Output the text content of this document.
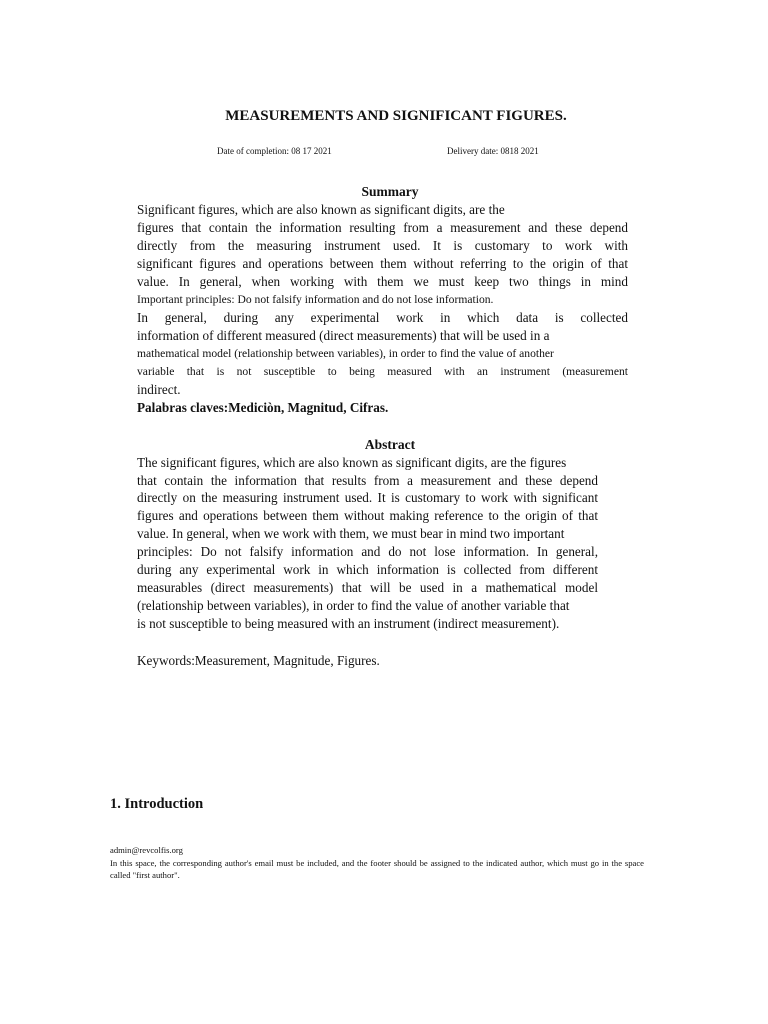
MEASUREMENTS AND SIGNIFICANT FIGURES.
Date of completion: 08 17 2021	Delivery date: 0818 2021
Summary
Significant figures, which are also known as significant digits, are the
figures that contain the information resulting from a measurement and these depend
directly from the measuring instrument used. It is customary to work with
significant figures and operations between them without referring to the origin of that
value. In general, when working with them we must keep two things in mind
Important principles: Do not falsify information and do not lose information.
In general, during any experimental work in which data is collected
information of different measured (direct measurements) that will be used in a
mathematical model (relationship between variables), in order to find the value of another
variable that is not susceptible to being measured with an instrument (measurement
indirect.
Palabras claves:Mediciòn, Magnitud, Cifras.
Abstract
The significant figures, which are also known as significant digits, are the figures
that contain the information that results from a measurement and these depend
directly on the measuring instrument used. It is customary to work with significant
figures and operations between them without making reference to the origin of that
value. In general, when we work with them, we must bear in mind two important
principles: Do not falsify information and do not lose information. In general,
during any experimental work in which information is collected from different
measurables (direct measurements) that will be used in a mathematical model
(relationship between variables), in order to find the value of another variable that
is not susceptible to being measured with an instrument (indirect measurement).
Keywords:Measurement, Magnitude, Figures.
1. Introduction
admin@revcolfis.org
In this space, the corresponding author's email must be included, and the footer should be assigned to the indicated author, which must go in the space called "first author".
